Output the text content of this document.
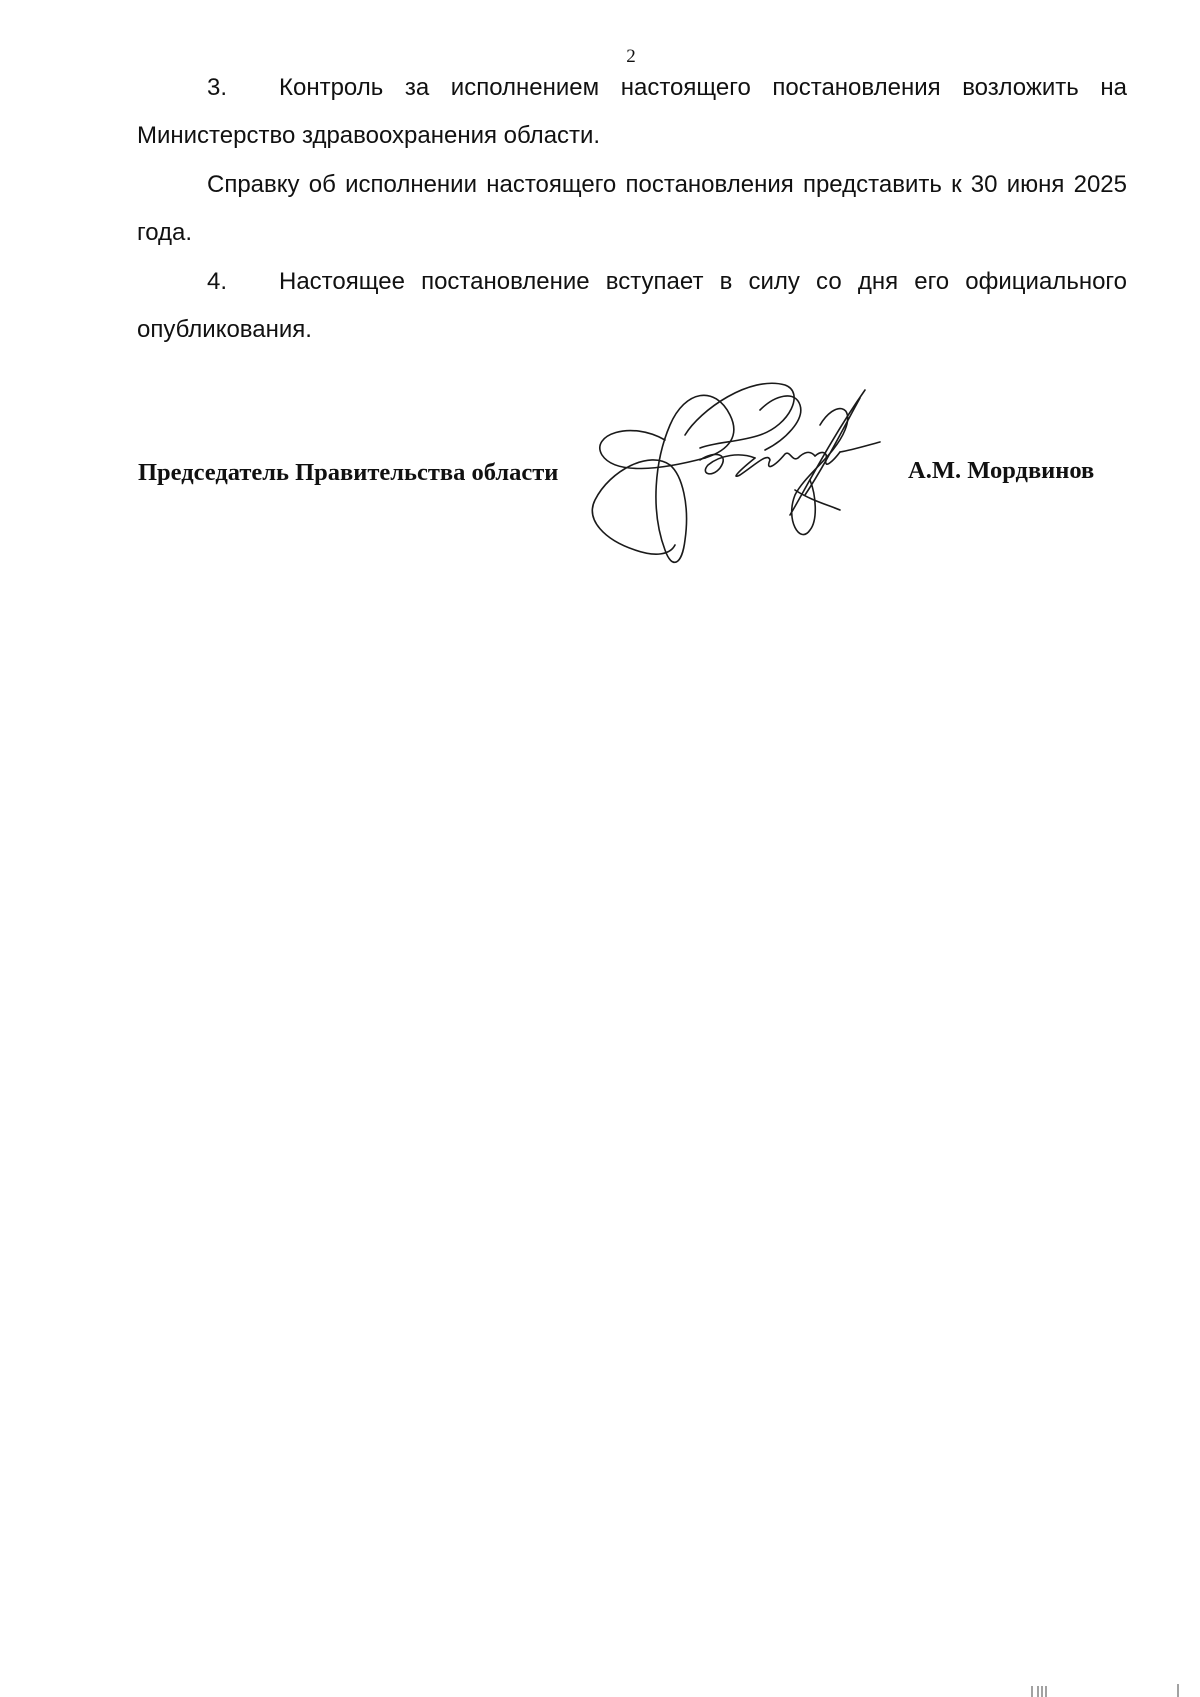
2
3. Контроль за исполнением настоящего постановления возложить на Министерство здравоохранения области.
Справку об исполнении настоящего постановления представить к 30 июня 2025 года.
4. Настоящее постановление вступает в силу со дня его официального опубликования.
Председатель Правительства области	А.М. Мордвинов
